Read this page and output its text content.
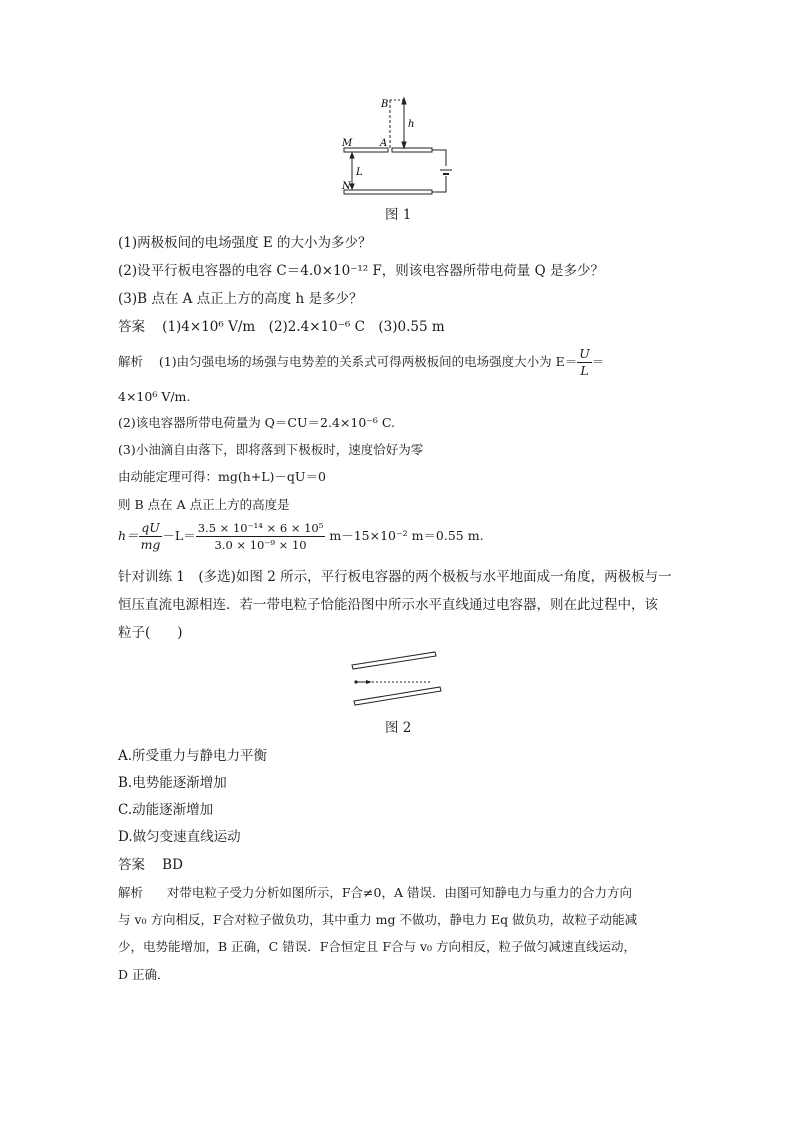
B
h
M	A
L
N
图 1
(1)两极板间的电场强度 E 的大小为多少？
(2)设平行板电容器的电容 C＝4.0×10⁻¹² F，则该电容器所带电荷量 Q 是多少？
(3)B 点在 A 点正上方的高度 h 是多少？
答案 (1)4×10⁶ V/m　(2)2.4×10⁻⁶ C　(3)0.55 m
解析 (1)由匀强电场的场强与电势差的关系式可得两极板间的电场强度大小为 $E= \frac{U}{L}$ ＝
4×10⁶ V/m.
(2)该电容器所带电荷量为 Q＝CU＝2.4×10⁻⁶ C.
(3)小油滴自由落下，即将落到下极板时，速度恰好为零
由动能定理可得：mg(h+L)－qU＝0
则 B 点在 A 点正上方的高度是
$h= \frac{qU}{mg} -L= \frac{\text{3.5 × 10⁻¹⁴ × 6 × 10⁵}}{\text{3.0 × 10⁻⁹ × 10}} m-15\times 10^{-2}$ m＝0.55 m.
针对训练 1　(多选)如图 2 所示，平行板电容器的两个极板与水平地面成一角度，两极板与一
恒压直流电源相连．若一带电粒子恰能沿图中所示水平直线通过电容器，则在此过程中，该
粒子(　　)
图 2
A.所受重力与静电力平衡
B.电势能逐渐增加
C.动能逐渐增加
D.做匀变速直线运动
答案 BD
解析 对带电粒子受力分析如图所示，F合≠0，A 错误．由图可知静电力与重力的合力方向
与 v₀ 方向相反，F合对粒子做负功，其中重力 mg 不做功，静电力 Eq 做负功，故粒子动能减
少，电势能增加，B 正确，C 错误．F合恒定且 F合与 v₀ 方向相反，粒子做匀减速直线运动，
D 正确．
